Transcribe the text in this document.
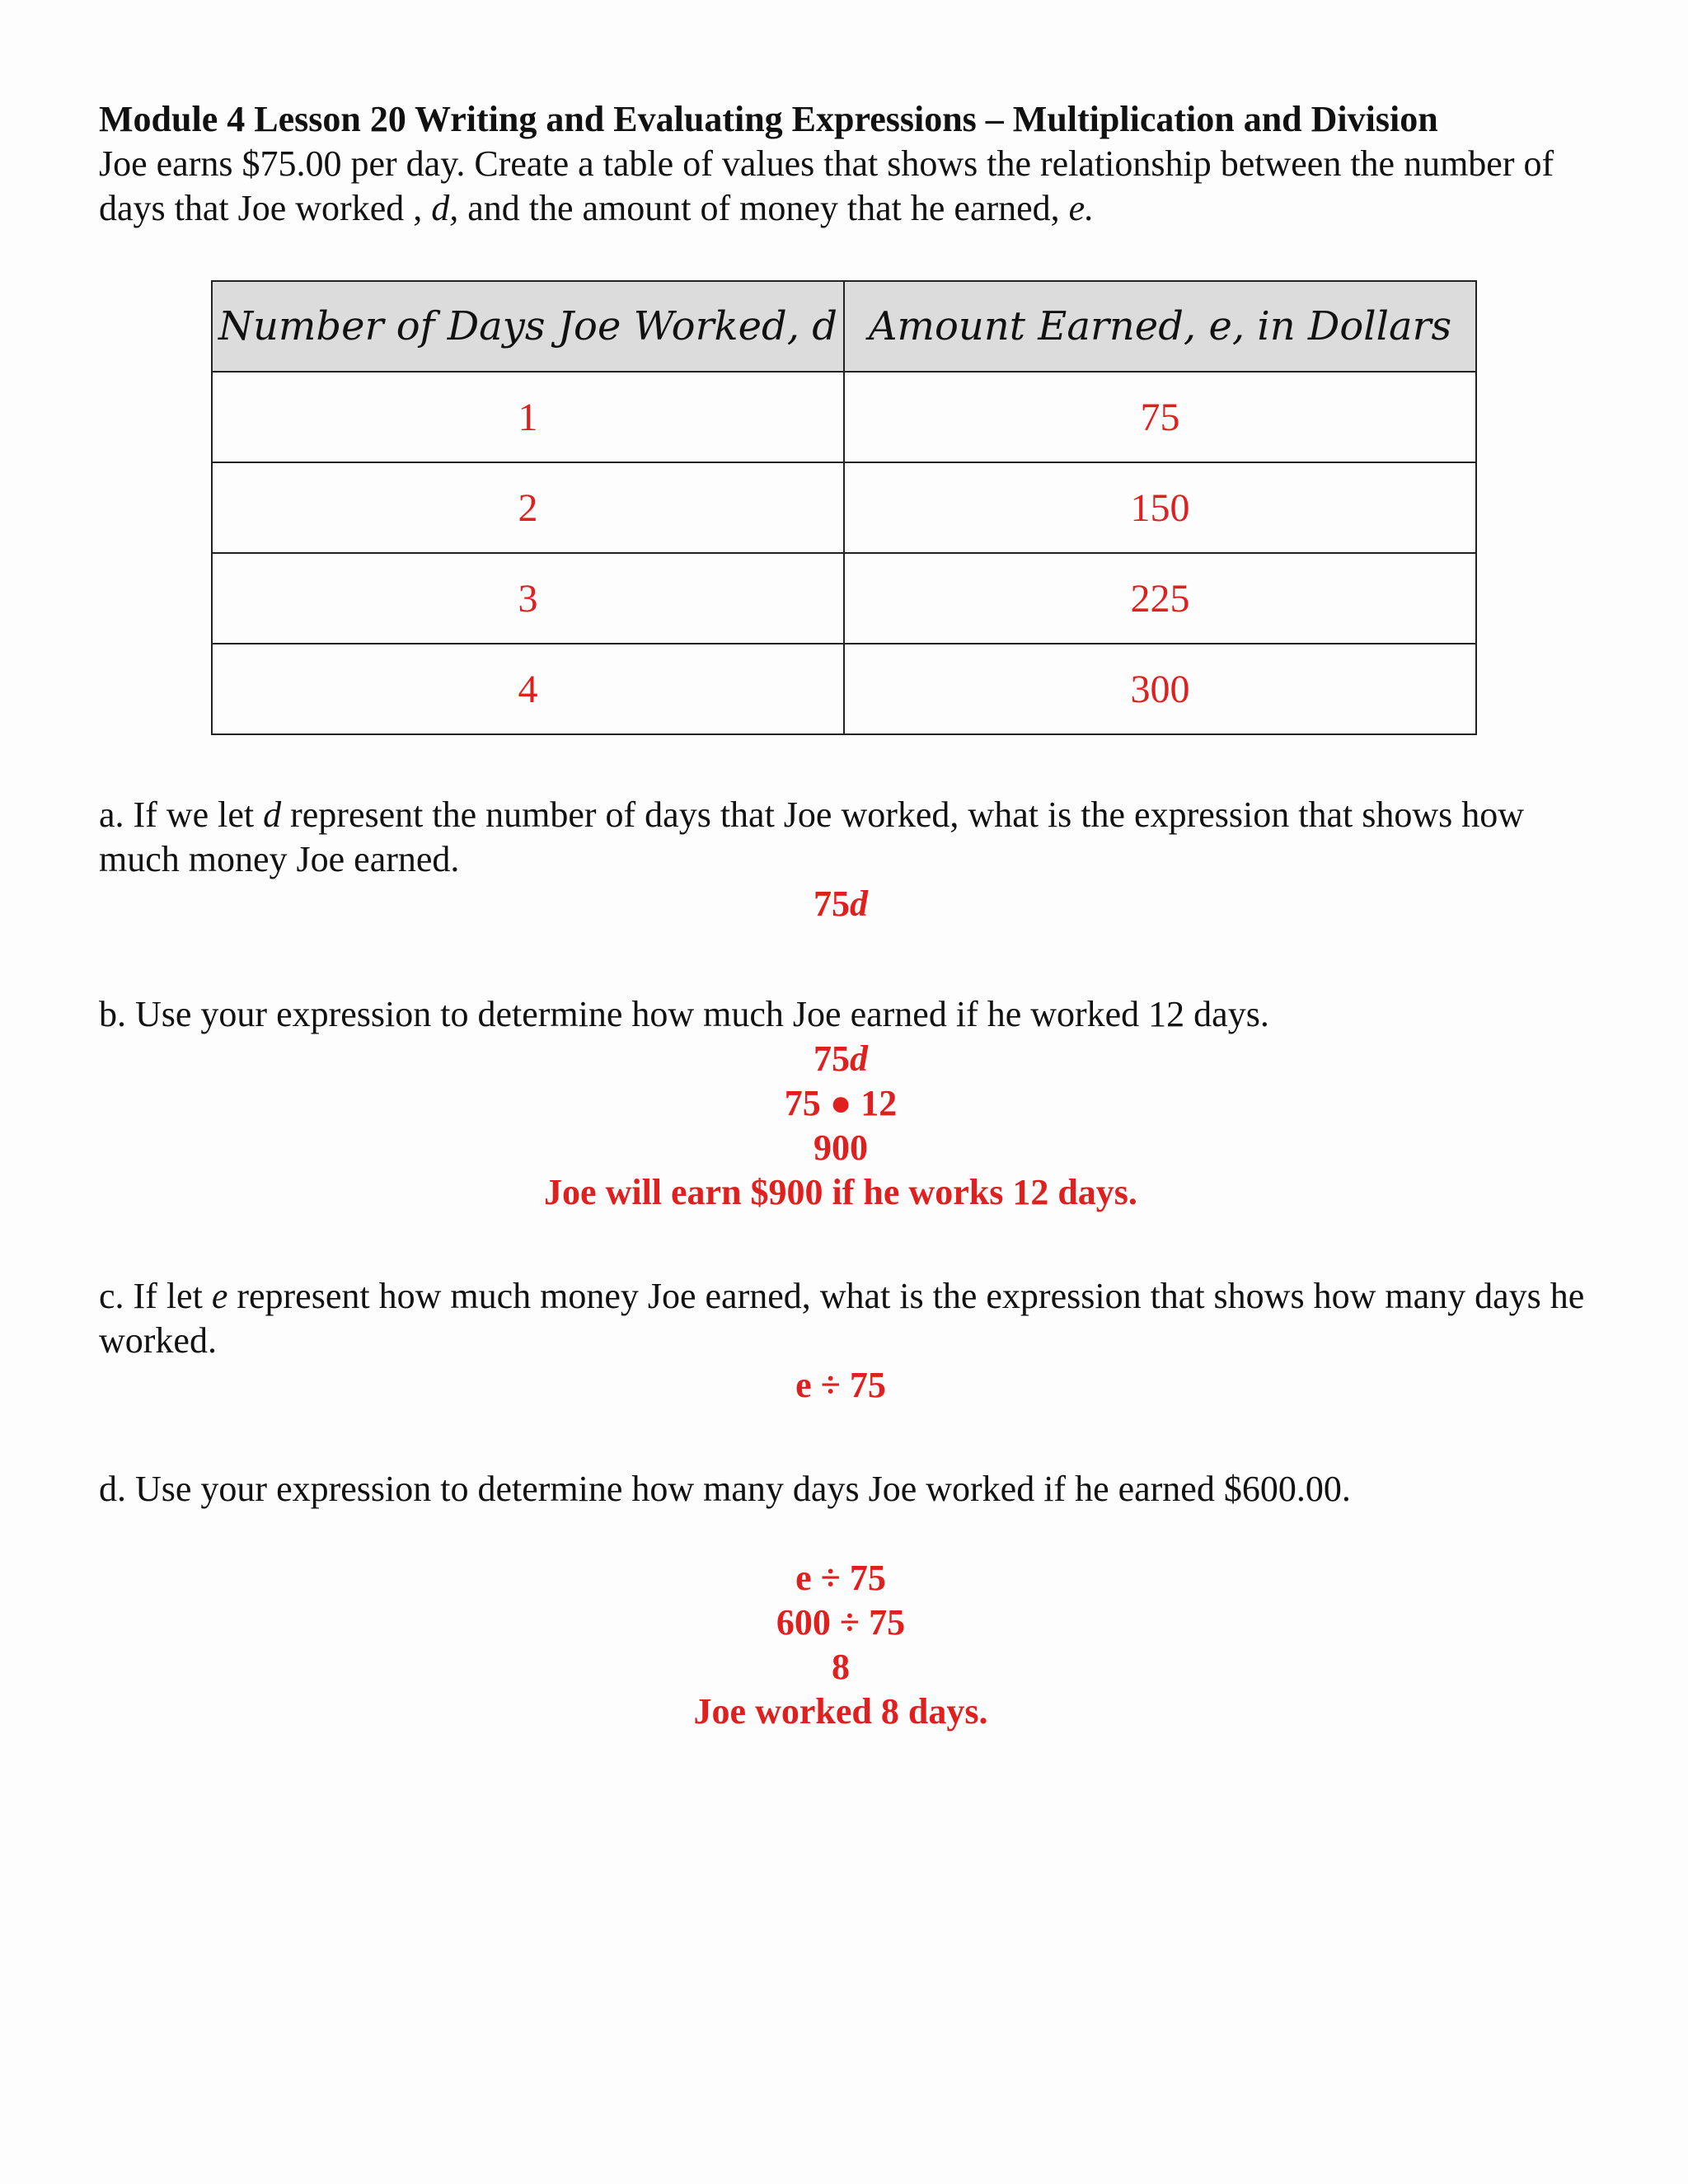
Module 4 Lesson 20 Writing and Evaluating Expressions – Multiplication and Division

Joe earns $75.00 per day. Create a table of values that shows the relationship between the number of days that Joe worked , d, and the amount of money that he earned, e.

Number of Days Joe Worked, d	Amount Earned, e, in Dollars
1	75
2	150
3	225
4	300

a. If we let d represent the number of days that Joe worked, what is the expression that shows how much money Joe earned.

75d

b. Use your expression to determine how much Joe earned if he worked 12 days.

75d

75 ● 12

900

Joe will earn $900 if he works 12 days.

c. If let e represent how much money Joe earned, what is the expression that shows how many days he worked.

e ÷ 75

d. Use your expression to determine how many days Joe worked if he earned $600.00.

e ÷ 75

600 ÷ 75

8

Joe worked 8 days.
